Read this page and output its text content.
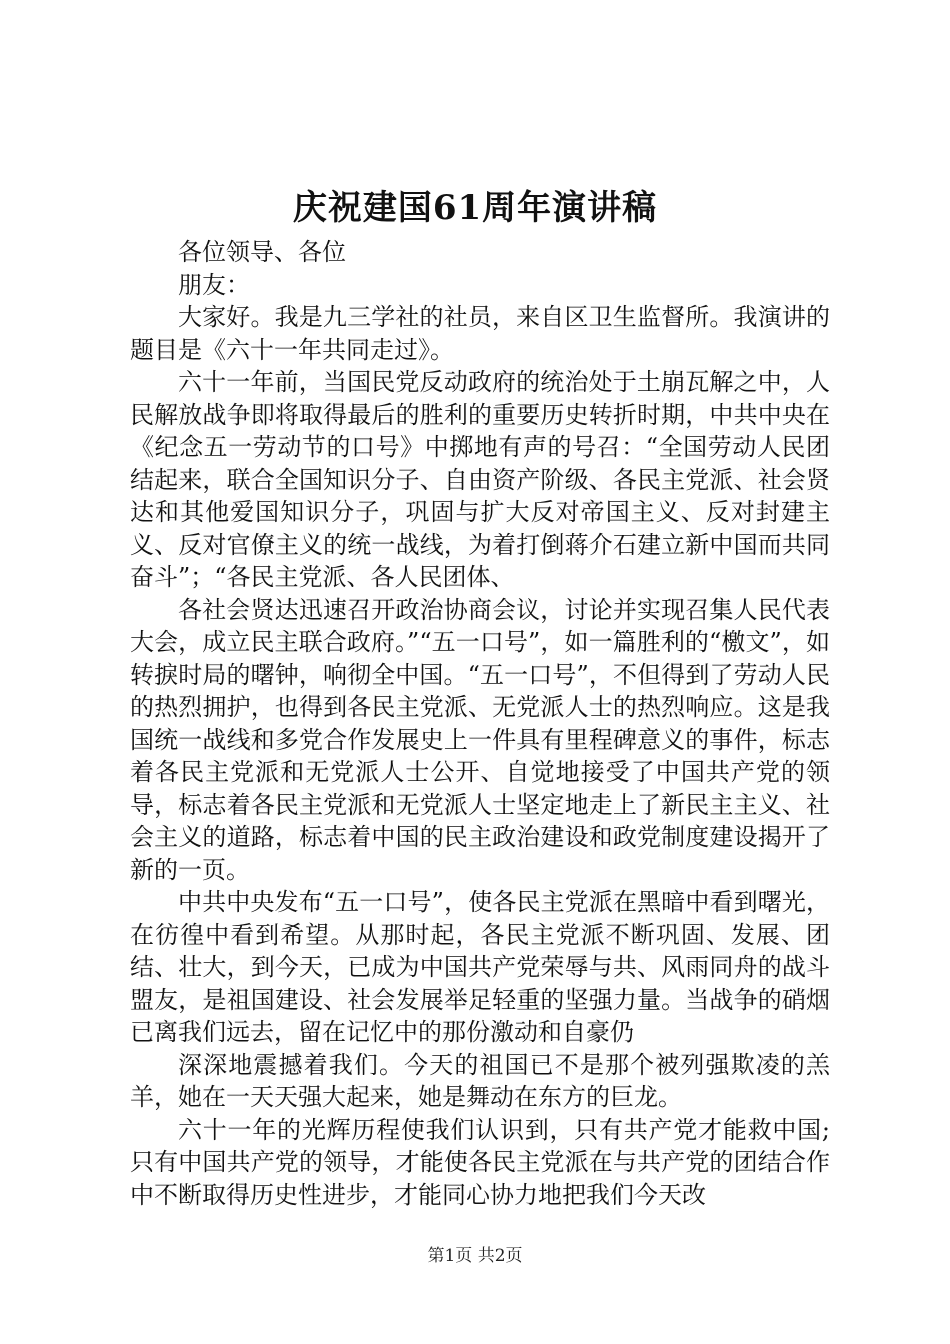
庆祝建国61周年演讲稿

各位领导、各位

朋友：

大家好。我是九三学社的社员，来自区卫生监督所。我演讲的题目是《六十一年共同走过》。

六十一年前，当国民党反动政府的统治处于土崩瓦解之中，人民解放战争即将取得最后的胜利的重要历史转折时期，中共中央在《纪念五一劳动节的口号》中掷地有声的号召：“全国劳动人民团结起来，联合全国知识分子、自由资产阶级、各民主党派、社会贤达和其他爱国知识分子，巩固与扩大反对帝国主义、反对封建主义、反对官僚主义的统一战线，为着打倒蒋介石建立新中国而共同奋斗”；“各民主党派、各人民团体、

各社会贤达迅速召开政治协商会议，讨论并实现召集人民代表大会，成立民主联合政府。”“五一口号”，如一篇胜利的“檄文”，如转捩时局的曙钟，响彻全中国。“五一口号”，不但得到了劳动人民的热烈拥护，也得到各民主党派、无党派人士的热烈响应。这是我国统一战线和多党合作发展史上一件具有里程碑意义的事件，标志着各民主党派和无党派人士公开、自觉地接受了中国共产党的领导，标志着各民主党派和无党派人士坚定地走上了新民主主义、社会主义的道路，标志着中国的民主政治建设和政党制度建设揭开了新的一页。

中共中央发布“五一口号”，使各民主党派在黑暗中看到曙光，在彷徨中看到希望。从那时起，各民主党派不断巩固、发展、团结、壮大，到今天，已成为中国共产党荣辱与共、风雨同舟的战斗盟友，是祖国建设、社会发展举足轻重的坚强力量。当战争的硝烟已离我们远去，留在记忆中的那份激动和自豪仍

深深地震撼着我们。今天的祖国已不是那个被列强欺凌的羔羊，她在一天天强大起来，她是舞动在东方的巨龙。

六十一年的光辉历程使我们认识到，只有共产党才能救中国;只有中国共产党的领导，才能使各民主党派在与共产党的团结合作中不断取得历史性进步，才能同心协力地把我们今天改

第1页 共2页
